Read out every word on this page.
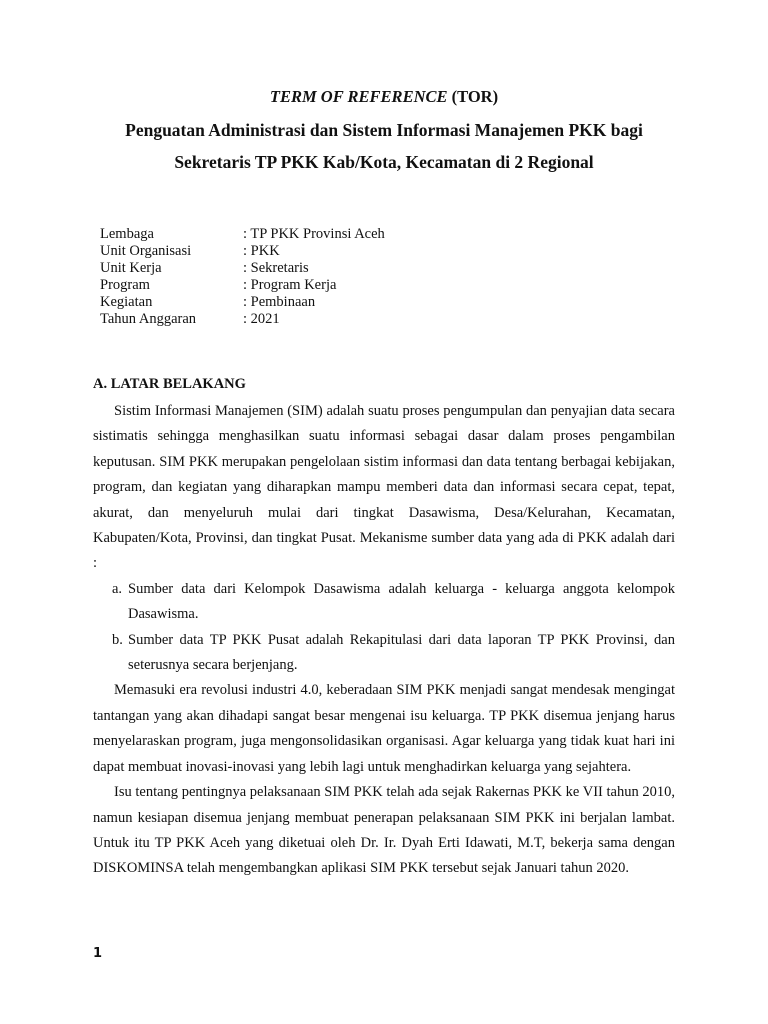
TERM OF REFERENCE (TOR)
Penguatan Administrasi dan Sistem Informasi Manajemen PKK bagi
Sekretaris TP PKK Kab/Kota, Kecamatan di 2 Regional
Lembaga	: TP PKK Provinsi Aceh
Unit Organisasi	: PKK
Unit Kerja	: Sekretaris
Program	: Program Kerja
Kegiatan	: Pembinaan
Tahun Anggaran	: 2021
A. LATAR BELAKANG

Sistim Informasi Manajemen (SIM) adalah suatu proses pengumpulan dan penyajian data secara sistimatis sehingga menghasilkan suatu informasi sebagai dasar dalam proses pengambilan keputusan. SIM PKK merupakan pengelolaan sistim informasi dan data tentang berbagai kebijakan, program, dan kegiatan yang diharapkan mampu memberi data dan informasi secara cepat, tepat, akurat, dan menyeluruh mulai dari tingkat Dasawisma, Desa/Kelurahan, Kecamatan, Kabupaten/Kota, Provinsi, dan tingkat Pusat. Mekanisme sumber data yang ada di PKK adalah dari :

a. Sumber data dari Kelompok Dasawisma adalah keluarga - keluarga anggota kelompok Dasawisma.
b. Sumber data TP PKK Pusat adalah Rekapitulasi dari data laporan TP PKK Provinsi, dan seterusnya secara berjenjang.

Memasuki era revolusi industri 4.0, keberadaan SIM PKK menjadi sangat mendesak mengingat tantangan yang akan dihadapi sangat besar mengenai isu keluarga. TP PKK disemua jenjang harus menyelaraskan program, juga mengonsolidasikan organisasi. Agar keluarga yang tidak kuat hari ini dapat membuat inovasi-inovasi yang lebih lagi untuk menghadirkan keluarga yang sejahtera.

Isu tentang pentingnya pelaksanaan SIM PKK telah ada sejak Rakernas PKK ke VII tahun 2010, namun kesiapan disemua jenjang membuat penerapan pelaksanaan SIM PKK ini berjalan lambat. Untuk itu TP PKK Aceh yang diketuai oleh Dr. Ir. Dyah Erti Idawati, M.T, bekerja sama dengan DISKOMINSA telah mengembangkan aplikasi SIM PKK tersebut sejak Januari tahun 2020.

1
